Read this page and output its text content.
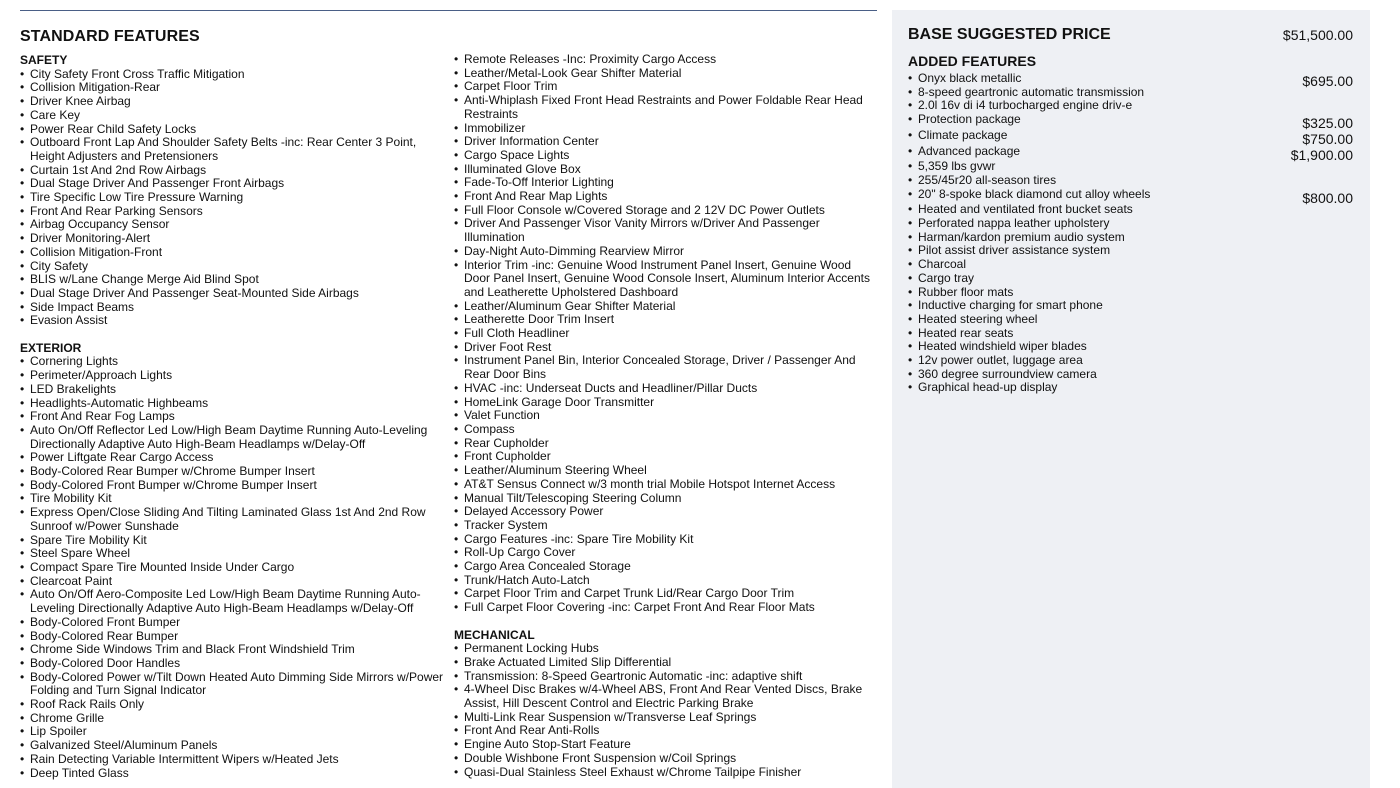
STANDARD FEATURES
SAFETY
• City Safety Front Cross Traffic Mitigation
• Collision Mitigation-Rear
• Driver Knee Airbag
• Care Key
• Power Rear Child Safety Locks
• Outboard Front Lap And Shoulder Safety Belts -inc: Rear Center 3 Point, Height Adjusters and Pretensioners
• Curtain 1st And 2nd Row Airbags
• Dual Stage Driver And Passenger Front Airbags
• Tire Specific Low Tire Pressure Warning
• Front And Rear Parking Sensors
• Airbag Occupancy Sensor
• Driver Monitoring-Alert
• Collision Mitigation-Front
• City Safety
• BLIS w/Lane Change Merge Aid Blind Spot
• Dual Stage Driver And Passenger Seat-Mounted Side Airbags
• Side Impact Beams
• Evasion Assist
EXTERIOR
• Cornering Lights
• Perimeter/Approach Lights
• LED Brakelights
• Headlights-Automatic Highbeams
• Front And Rear Fog Lamps
• Auto On/Off Reflector Led Low/High Beam Daytime Running Auto-Leveling Directionally Adaptive Auto High-Beam Headlamps w/Delay-Off
• Power Liftgate Rear Cargo Access
• Body-Colored Rear Bumper w/Chrome Bumper Insert
• Body-Colored Front Bumper w/Chrome Bumper Insert
• Tire Mobility Kit
• Express Open/Close Sliding And Tilting Laminated Glass 1st And 2nd Row Sunroof w/Power Sunshade
• Spare Tire Mobility Kit
• Steel Spare Wheel
• Compact Spare Tire Mounted Inside Under Cargo
• Clearcoat Paint
• Auto On/Off Aero-Composite Led Low/High Beam Daytime Running Auto-Leveling Directionally Adaptive Auto High-Beam Headlamps w/Delay-Off
• Body-Colored Front Bumper
• Body-Colored Rear Bumper
• Chrome Side Windows Trim and Black Front Windshield Trim
• Body-Colored Door Handles
• Body-Colored Power w/Tilt Down Heated Auto Dimming Side Mirrors w/Power Folding and Turn Signal Indicator
• Roof Rack Rails Only
• Chrome Grille
• Lip Spoiler
• Galvanized Steel/Aluminum Panels
• Rain Detecting Variable Intermittent Wipers w/Heated Jets
• Deep Tinted Glass
• Remote Releases -Inc: Proximity Cargo Access
• Leather/Metal-Look Gear Shifter Material
• Carpet Floor Trim
• Anti-Whiplash Fixed Front Head Restraints and Power Foldable Rear Head Restraints
• Immobilizer
• Driver Information Center
• Cargo Space Lights
• Illuminated Glove Box
• Fade-To-Off Interior Lighting
• Front And Rear Map Lights
• Full Floor Console w/Covered Storage and 2 12V DC Power Outlets
• Driver And Passenger Visor Vanity Mirrors w/Driver And Passenger Illumination
• Day-Night Auto-Dimming Rearview Mirror
• Interior Trim -inc: Genuine Wood Instrument Panel Insert, Genuine Wood Door Panel Insert, Genuine Wood Console Insert, Aluminum Interior Accents and Leatherette Upholstered Dashboard
• Leather/Aluminum Gear Shifter Material
• Leatherette Door Trim Insert
• Full Cloth Headliner
• Driver Foot Rest
• Instrument Panel Bin, Interior Concealed Storage, Driver / Passenger And Rear Door Bins
• HVAC -inc: Underseat Ducts and Headliner/Pillar Ducts
• HomeLink Garage Door Transmitter
• Valet Function
• Compass
• Rear Cupholder
• Front Cupholder
• Leather/Aluminum Steering Wheel
• AT&T Sensus Connect w/3 month trial Mobile Hotspot Internet Access
• Manual Tilt/Telescoping Steering Column
• Delayed Accessory Power
• Tracker System
• Cargo Features -inc: Spare Tire Mobility Kit
• Roll-Up Cargo Cover
• Cargo Area Concealed Storage
• Trunk/Hatch Auto-Latch
• Carpet Floor Trim and Carpet Trunk Lid/Rear Cargo Door Trim
• Full Carpet Floor Covering -inc: Carpet Front And Rear Floor Mats
MECHANICAL
• Permanent Locking Hubs
• Brake Actuated Limited Slip Differential
• Transmission: 8-Speed Geartronic Automatic -inc: adaptive shift
• 4-Wheel Disc Brakes w/4-Wheel ABS, Front And Rear Vented Discs, Brake Assist, Hill Descent Control and Electric Parking Brake
• Multi-Link Rear Suspension w/Transverse Leaf Springs
• Front And Rear Anti-Rolls
• Engine Auto Stop-Start Feature
• Double Wishbone Front Suspension w/Coil Springs
• Quasi-Dual Stainless Steel Exhaust w/Chrome Tailpipe Finisher
BASE SUGGESTED PRICE	$51,500.00
ADDED FEATURES
• Onyx black metallic	$695.00
• 8-speed geartronic automatic transmission
• 2.0l 16v di i4 turbocharged engine driv-e
• Protection package	$325.00
• Climate package	$750.00
• Advanced package	$1,900.00
• 5,359 lbs gvwr
• 255/45r20 all-season tires
• 20" 8-spoke black diamond cut alloy wheels	$800.00
• Heated and ventilated front bucket seats
• Perforated nappa leather upholstery
• Harman/kardon premium audio system
• Pilot assist driver assistance system
• Charcoal
• Cargo tray
• Rubber floor mats
• Inductive charging for smart phone
• Heated steering wheel
• Heated rear seats
• Heated windshield wiper blades
• 12v power outlet, luggage area
• 360 degree surroundview camera
• Graphical head-up display
